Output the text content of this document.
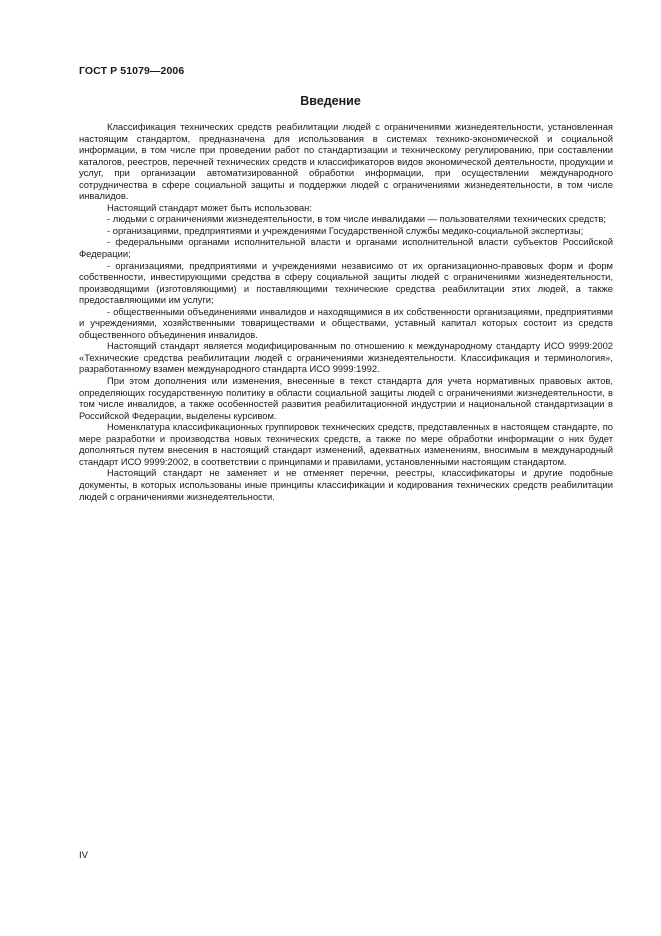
ГОСТ Р 51079—2006
Введение

Классификация технических средств реабилитации людей с ограничениями жизнедеятельности, установленная настоящим стандартом, предназначена для использования в системах технико-экономической и социальной информации, в том числе при проведении работ по стандартизации и техническому регулированию, при составлении каталогов, реестров, перечней технических средств и классификаторов видов экономической деятельности, продукции и услуг, при организации автоматизированной обработки информации, при осуществлении международного сотрудничества в сфере социальной защиты и поддержки людей с ограничениями жизнедеятельности, в том числе инвалидов.

Настоящий стандарт может быть использован:

- людьми с ограничениями жизнедеятельности, в том числе инвалидами — пользователями технических средств;

- организациями, предприятиями и учреждениями Государственной службы медико-социальной экспертизы;

- федеральными органами исполнительной власти и органами исполнительной власти субъектов Российской Федерации;

- организациями, предприятиями и учреждениями независимо от их организационно-правовых форм и форм собственности, инвестирующими средства в сферу социальной защиты людей с ограничениями жизнедеятельности, производящими (изготовляющими) и поставляющими технические средства реабилитации этих людей, а также предоставляющими им услуги;

- общественными объединениями инвалидов и находящимися в их собственности организациями, предприятиями и учреждениями, хозяйственными товариществами и обществами, уставный капитал которых состоит из средств общественного объединения инвалидов.

Настоящий стандарт является модифицированным по отношению к международному стандарту ИСО 9999:2002 «Технические средства реабилитации людей с ограничениями жизнедеятельности. Классификация и терминология», разработанному взамен международного стандарта ИСО 9999:1992.

При этом дополнения или изменения, внесенные в текст стандарта для учета нормативных правовых актов, определяющих государственную политику в области социальной защиты людей с ограничениями жизнедеятельности, в том числе инвалидов, а также особенностей развития реабилитационной индустрии и национальной стандартизации в Российской Федерации, выделены курсивом.

Номенклатура классификационных группировок технических средств, представленных в настоящем стандарте, по мере разработки и производства новых технических средств, а также по мере обработки информации о них будет дополняться путем внесения в настоящий стандарт изменений, адекватных изменениям, вносимым в международный стандарт ИСО 9999:2002, в соответствии с принципами и правилами, установленными настоящим стандартом.

Настоящий стандарт не заменяет и не отменяет перечни, реестры, классификаторы и другие подобные документы, в которых использованы иные принципы классификации и кодирования технических средств реабилитации людей с ограничениями жизнедеятельности.

IV
